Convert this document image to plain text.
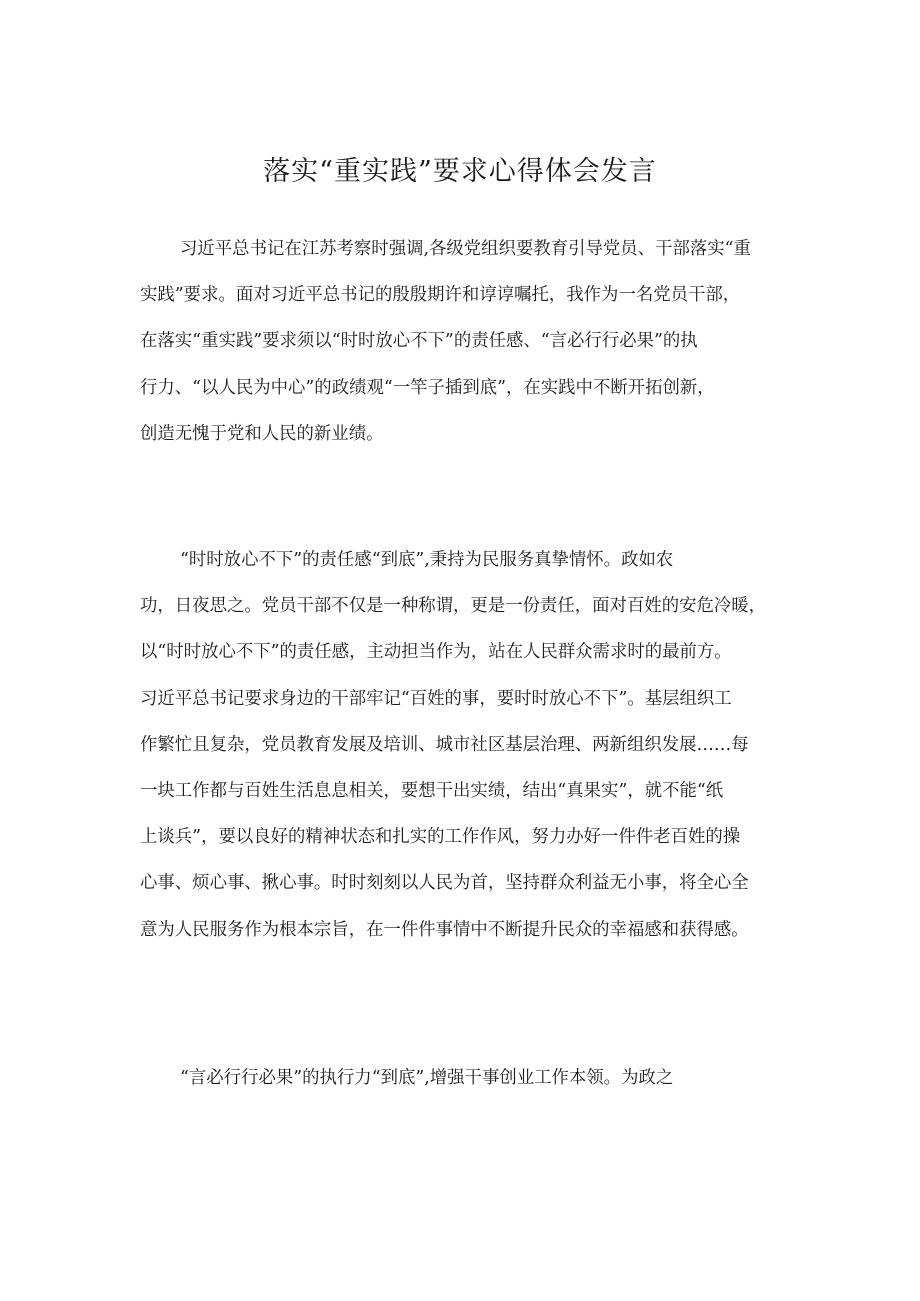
落实“重实践”要求心得体会发言
习近平总书记在江苏考察时强调,各级党组织要教育引导党员、干部落实“重
实践”要求。面对习近平总书记的殷殷期许和谆谆嘱托，我作为一名党员干部，
在落实“重实践”要求须以“时时放心不下”的责任感、“言必行行必果”的执
行力、“以人民为中心”的政绩观“一竿子插到底”，在实践中不断开拓创新，
创造无愧于党和人民的新业绩。
“时时放心不下”的责任感“到底”,秉持为民服务真挚情怀。政如农
功，日夜思之。党员干部不仅是一种称谓，更是一份责任，面对百姓的安危冷暖，
以“时时放心不下”的责任感，主动担当作为，站在人民群众需求时的最前方。
习近平总书记要求身边的干部牢记“百姓的事，要时时放心不下”。基层组织工
作繁忙且复杂，党员教育发展及培训、城市社区基层治理、两新组织发展……每
一块工作都与百姓生活息息相关，要想干出实绩，结出“真果实”，就不能“纸
上谈兵”，要以良好的精神状态和扎实的工作作风，努力办好一件件老百姓的操
心事、烦心事、揪心事。时时刻刻以人民为首，坚持群众利益无小事，将全心全
意为人民服务作为根本宗旨，在一件件事情中不断提升民众的幸福感和获得感。
“言必行行必果”的执行力“到底”,增强干事创业工作本领。为政之
